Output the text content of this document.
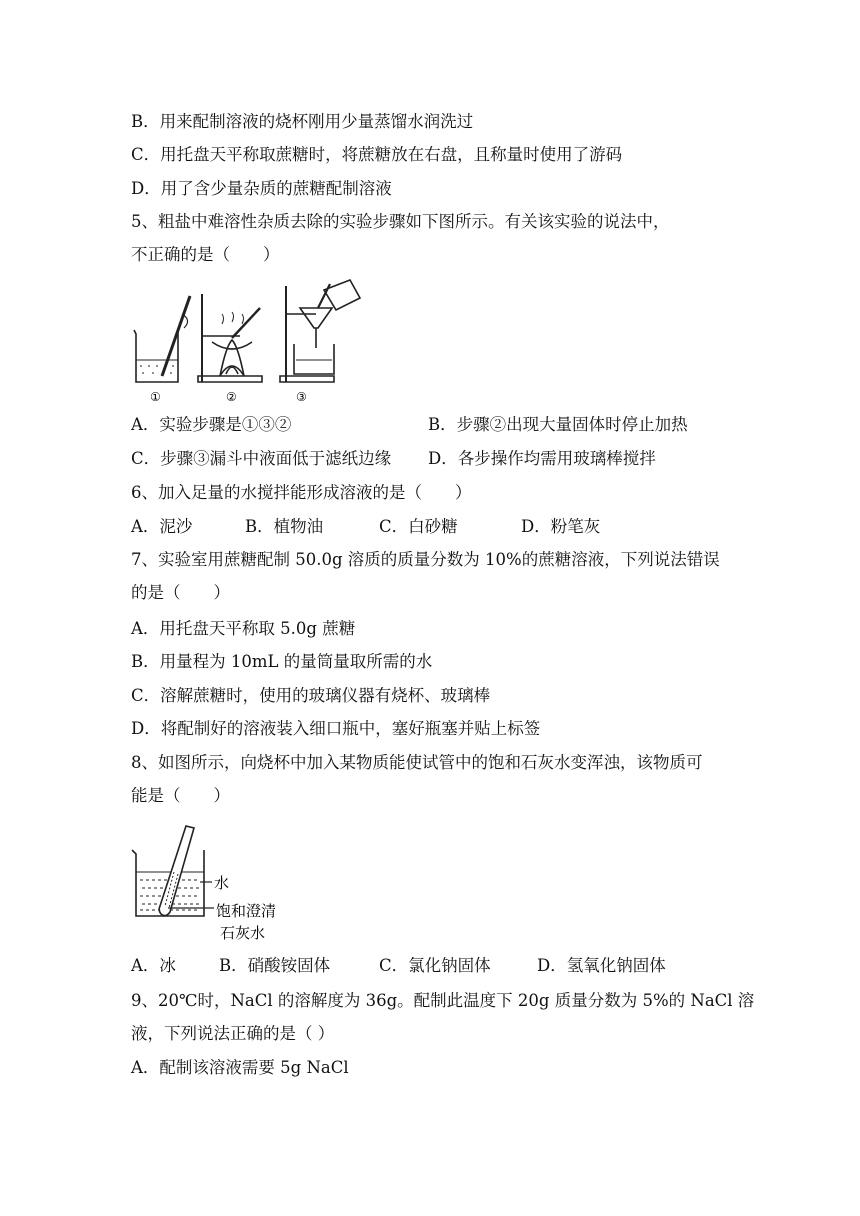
B．用来配制溶液的烧杯刚用少量蒸馏水润洗过
C．用托盘天平称取蔗糖时，将蔗糖放在右盘，且称量时使用了游码
D．用了含少量杂质的蔗糖配制溶液
5、粗盐中难溶性杂质去除的实验步骤如下图所示。有关该实验的说法中，
不正确的是（　　）
①	②	③
A．实验步骤是①③②	B．步骤②出现大量固体时停止加热
C．步骤③漏斗中液面低于滤纸边缘 D．各步操作均需用玻璃棒搅拌
6、加入足量的水搅拌能形成溶液的是（　　）
A．泥沙	B．植物油	C．白砂糖	D．粉笔灰
7、实验室用蔗糖配制 50.0g 溶质的质量分数为 10%的蔗糖溶液，下列说法错误
的是（　　）
A．用托盘天平称取 5.0g 蔗糖
B．用量程为 10mL 的量筒量取所需的水
C．溶解蔗糖时，使用的玻璃仪器有烧杯、玻璃棒
D．将配制好的溶液装入细口瓶中，塞好瓶塞并贴上标签
8、如图所示，向烧杯中加入某物质能使试管中的饱和石灰水变浑浊，该物质可
能是（　　）
水
饱和澄清
石灰水
A．冰	B．硝酸铵固体	C．氯化钠固体	D．氢氧化钠固体
9、20℃时，NaCl 的溶解度为 36g。配制此温度下 20g 质量分数为 5%的 NaCl 溶
液，下列说法正确的是（ ）
A．配制该溶液需要 5g NaCl
